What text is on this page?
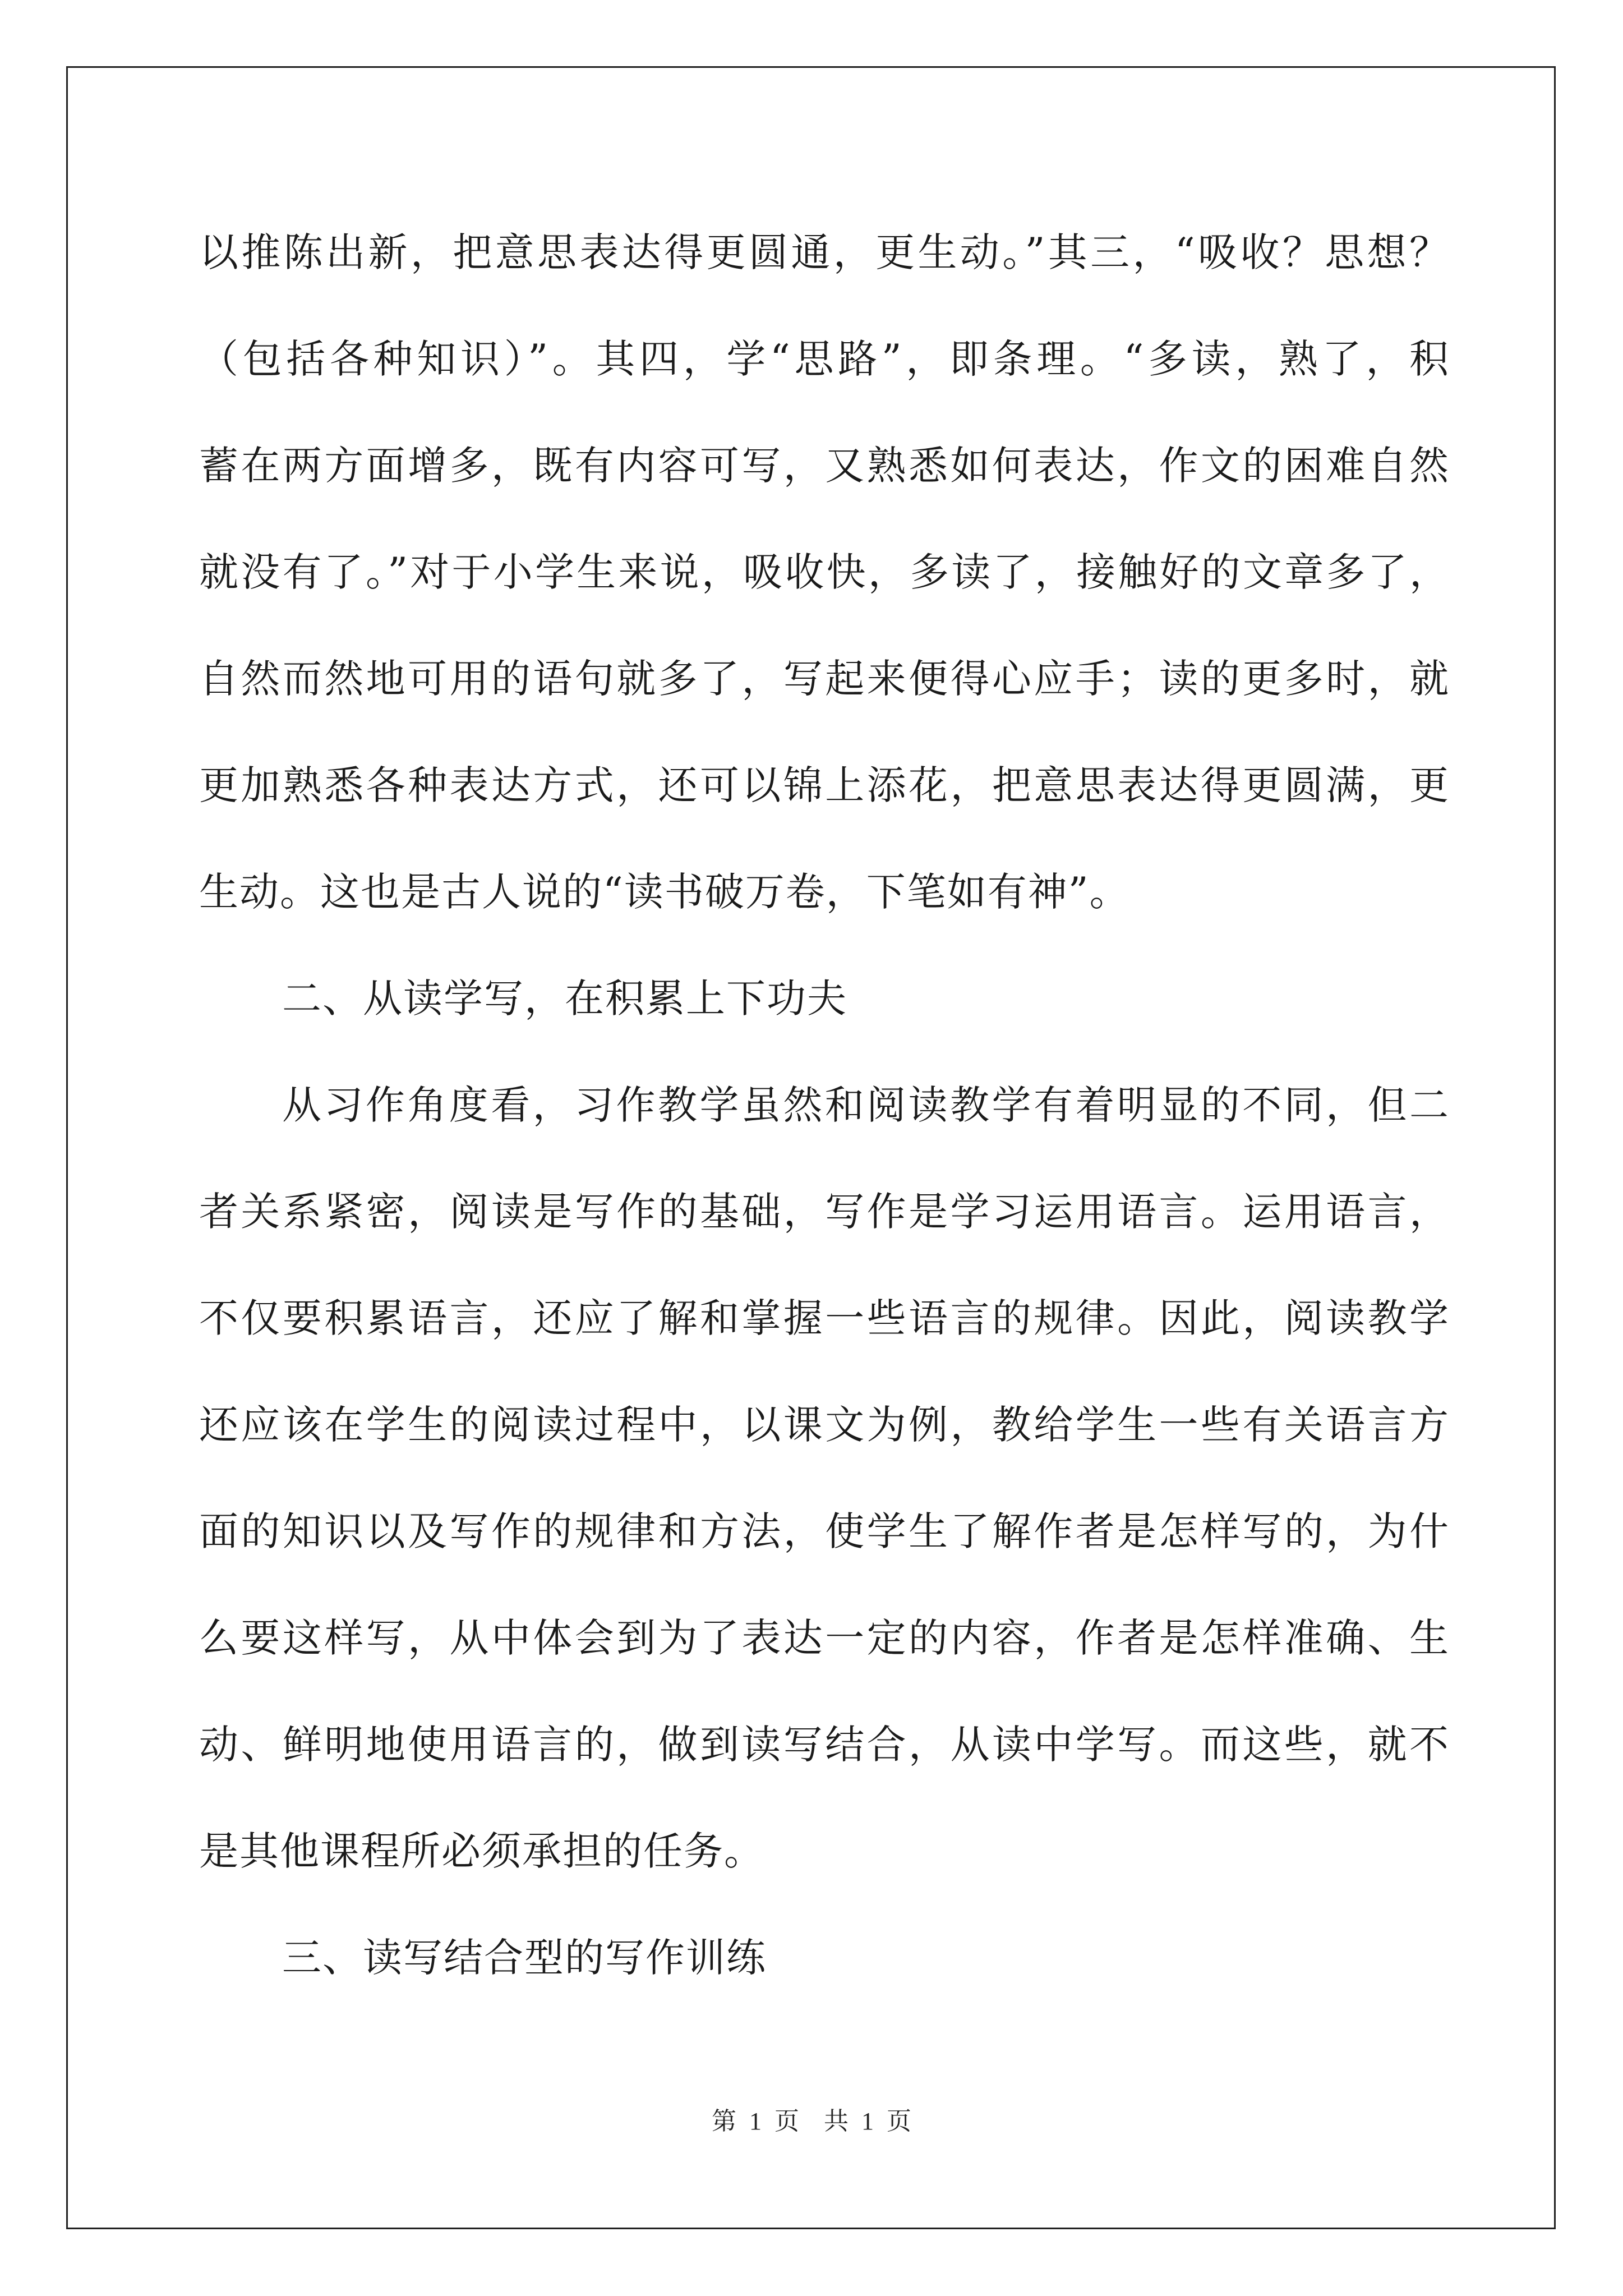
以推陈出新，把意思表达得更圆通，更生动。”其三，“吸收？思想？
（包括各种知识）”。其四，学“思路”，即条理。“多读，熟了，积
蓄在两方面增多，既有内容可写，又熟悉如何表达，作文的困难自然
就没有了。”对于小学生来说，吸收快，多读了，接触好的文章多了，
自然而然地可用的语句就多了，写起来便得心应手；读的更多时，就
更加熟悉各种表达方式，还可以锦上添花，把意思表达得更圆满，更
生动。这也是古人说的“读书破万卷，下笔如有神”。
二、从读学写，在积累上下功夫
从习作角度看，习作教学虽然和阅读教学有着明显的不同，但二
者关系紧密，阅读是写作的基础，写作是学习运用语言。运用语言，
不仅要积累语言，还应了解和掌握一些语言的规律。因此，阅读教学
还应该在学生的阅读过程中，以课文为例，教给学生一些有关语言方
面的知识以及写作的规律和方法，使学生了解作者是怎样写的，为什
么要这样写，从中体会到为了表达一定的内容，作者是怎样准确、生
动、鲜明地使用语言的，做到读写结合，从读中学写。而这些，就不
是其他课程所必须承担的任务。
三、读写结合型的写作训练
第 1 页　共 1 页
